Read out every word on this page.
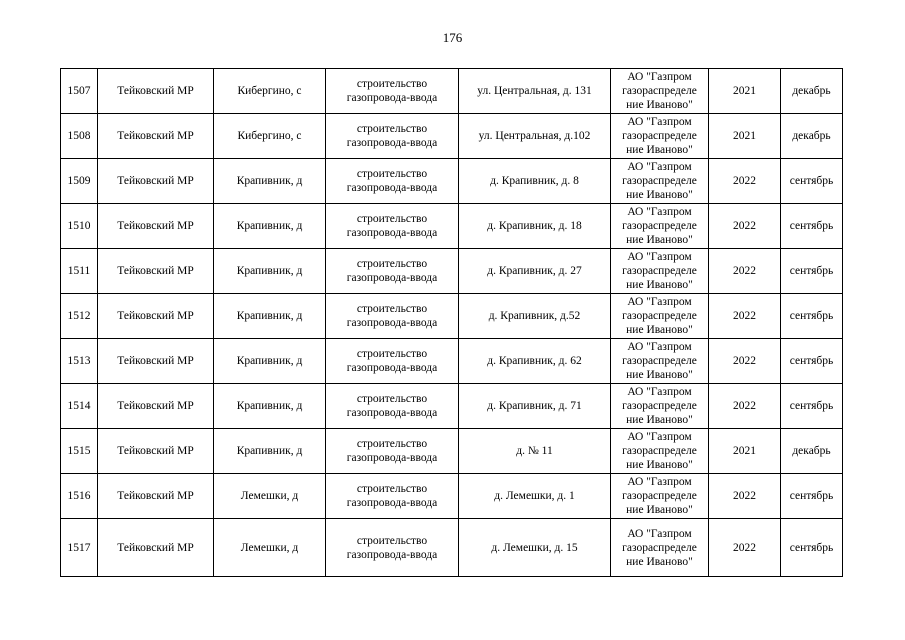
176
1507	Тейковский МР	Кибергино, с	строительство
газопровода-ввода	ул. Центральная, д. 131	АО "Газпром
газораспределе
ние Иваново"	2021	декабрь
1508	Тейковский МР	Кибергино, с	строительство
газопровода-ввода	ул. Центральная, д.102	АО "Газпром
газораспределе
ние Иваново"	2021	декабрь
1509	Тейковский МР	Крапивник, д	строительство
газопровода-ввода	д. Крапивник, д. 8	АО "Газпром
газораспределе
ние Иваново"	2022	сентябрь
1510	Тейковский МР	Крапивник, д	строительство
газопровода-ввода	д. Крапивник, д. 18	АО "Газпром
газораспределе
ние Иваново"	2022	сентябрь
1511	Тейковский МР	Крапивник, д	строительство
газопровода-ввода	д. Крапивник, д. 27	АО "Газпром
газораспределе
ние Иваново"	2022	сентябрь
1512	Тейковский МР	Крапивник, д	строительство
газопровода-ввода	д. Крапивник, д.52	АО "Газпром
газораспределе
ние Иваново"	2022	сентябрь
1513	Тейковский МР	Крапивник, д	строительство
газопровода-ввода	д. Крапивник, д. 62	АО "Газпром
газораспределе
ние Иваново"	2022	сентябрь
1514	Тейковский МР	Крапивник, д	строительство
газопровода-ввода	д. Крапивник, д. 71	АО "Газпром
газораспределе
ние Иваново"	2022	сентябрь
1515	Тейковский МР	Крапивник, д	строительство
газопровода-ввода	д. № 11	АО "Газпром
газораспределе
ние Иваново"	2021	декабрь
1516	Тейковский МР	Лемешки, д	строительство
газопровода-ввода	д. Лемешки, д. 1	АО "Газпром
газораспределе
ние Иваново"	2022	сентябрь
1517	Тейковский МР	Лемешки, д	строительство
газопровода-ввода	д. Лемешки, д. 15	АО "Газпром
газораспределе
ние Иваново"	2022	сентябрь
